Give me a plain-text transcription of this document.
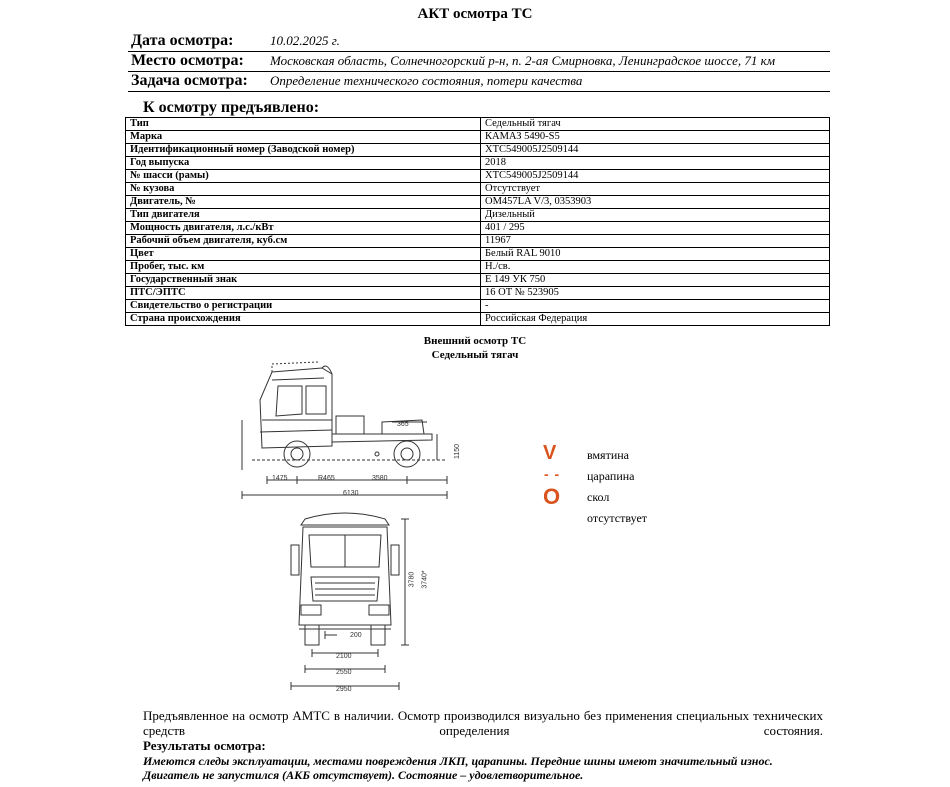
АКТ осмотра ТС
Дата осмотра:	10.02.2025 г.
Место осмотра: Московская область, Солнечногорский р-н, п. 2-ая Смирновка, Ленинградское шоссе, 71 км
Задача осмотра: Определение технического состояния, потери качества
К осмотру предъявлено:
Тип	Седельный тягач
Марка	КАМАЗ 5490-S5
Идентификационный номер (Заводской номер)	XTC549005J2509144
Год выпуска	2018
№ шасси (рамы)	XTC549005J2509144
№ кузова	Отсутствует
Двигатель, №	OM457LA V/3, 0353903
Тип двигателя	Дизельный
Мощность двигателя, л.с./кВт	401 / 295
Рабочий объем двигателя, куб.см	11967
Цвет	Белый RAL 9010
Пробег, тыс. км	Н./св.
Государственный знак	Е 149 УК 750
ПТС/ЭПТС	16 ОТ № 523905
Свидетельство о регистрации	-
Страна происхождения	Российская Федерация
Внешний осмотр ТС
Седельный тягач
365
1150
1475	R465	3580
6130
3780 3740*
200
2100
2550
2950
V	вмятина
- - царапина
O скол
отсутствует
Предъявленное на осмотр АМТС в наличии. Осмотр производился визуально без применения специальных технических средств определения состояния.
Результаты осмотра:
Имеются следы эксплуатации, местами повреждения ЛКП, царапины. Передние шины имеют значительный износ.
Двигатель не запустился (АКБ отсутствует). Состояние – удовлетворительное.
